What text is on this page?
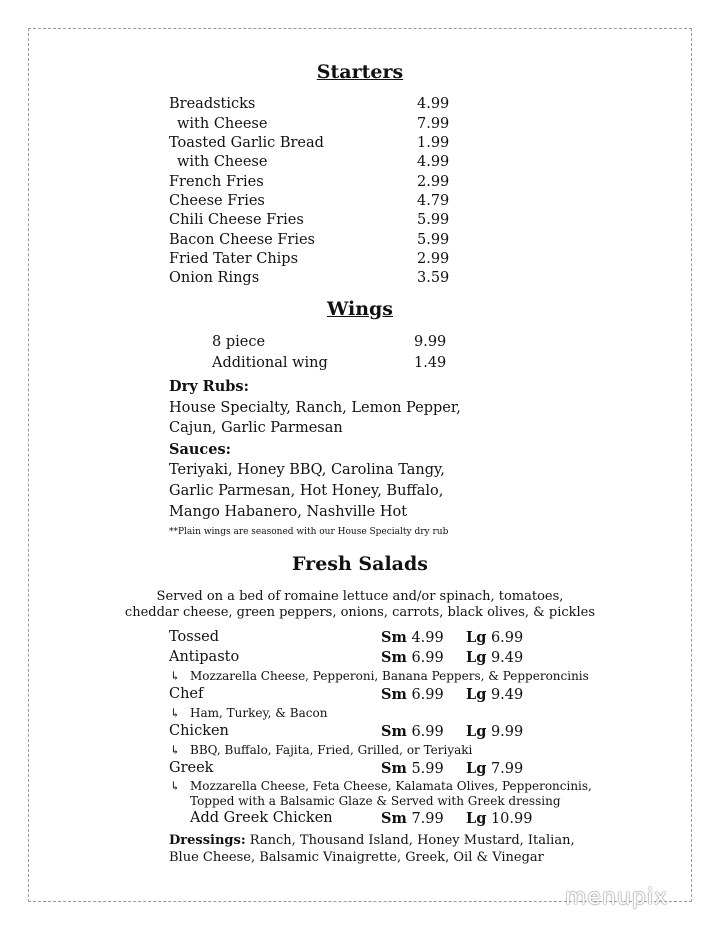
Starters
Breadsticks	4.99
with Cheese	7.99
Toasted Garlic Bread	1.99
with Cheese	4.99
French Fries	2.99
Cheese Fries	4.79
Chili Cheese Fries	5.99
Bacon Cheese Fries	5.99
Fried Tater Chips	2.99
Onion Rings	3.59
Wings
8 piece	9.99
Additional wing	1.49
Dry Rubs:
House Specialty, Ranch, Lemon Pepper,
Cajun, Garlic Parmesan
Sauces:
Teriyaki, Honey BBQ, Carolina Tangy,
Garlic Parmesan, Hot Honey, Buffalo,
Mango Habanero, Nashville Hot
**Plain wings are seasoned with our House Specialty dry rub
Fresh Salads
Served on a bed of romaine lettuce and/or spinach, tomatoes,
cheddar cheese, green peppers, onions, carrots, black olives, & pickles
Tossed	Sm 4.99 Lg 6.99
Antipasto	Sm 6.99 Lg 9.49
↳ Mozzarella Cheese, Pepperoni, Banana Peppers, & Pepperoncinis
Chef	Sm 6.99 Lg 9.49
↳ Ham, Turkey, & Bacon
Chicken	Sm 6.99 Lg 9.99
↳ BBQ, Buffalo, Fajita, Fried, Grilled, or Teriyaki
Greek	Sm 5.99 Lg 7.99
↳ Mozzarella Cheese, Feta Cheese, Kalamata Olives, Pepperoncinis,
Topped with a Balsamic Glaze & Served with Greek dressing
Add Greek Chicken	Sm 7.99 Lg 10.99
Dressings: Ranch, Thousand Island, Honey Mustard, Italian,
Blue Cheese, Balsamic Vinaigrette, Greek, Oil & Vinegar
menupix
